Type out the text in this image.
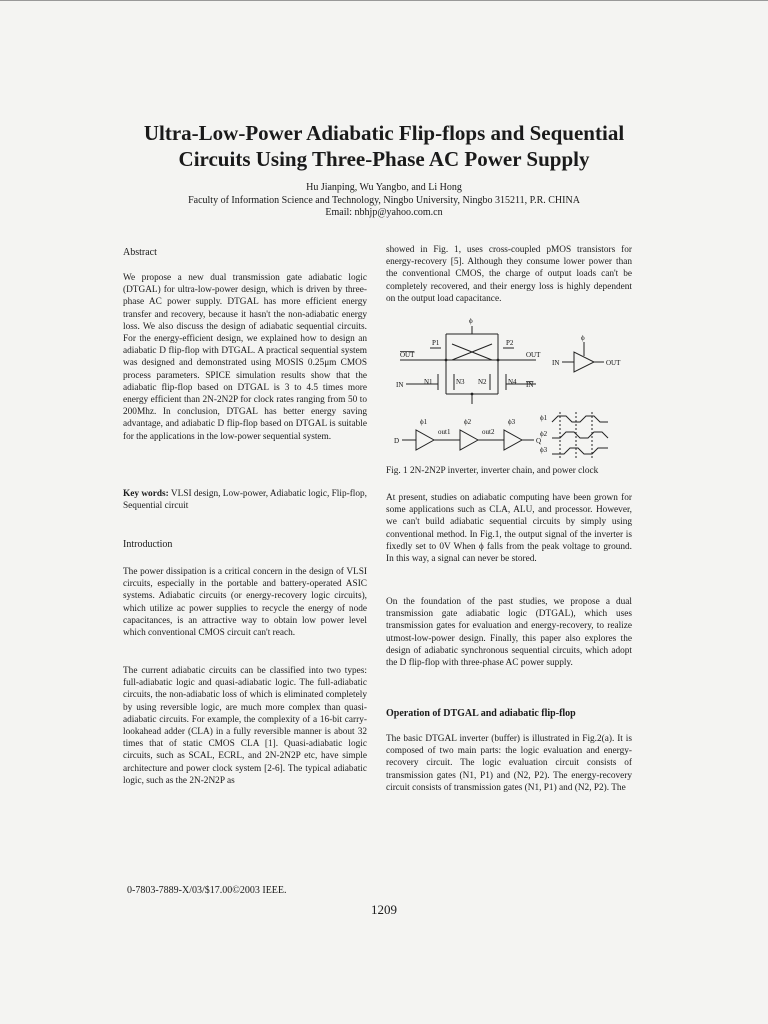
Ultra-Low-Power Adiabatic Flip-flops and Sequential
Circuits Using Three-Phase AC Power Supply
Hu Jianping, Wu Yangbo, and Li Hong
Faculty of Information Science and Technology, Ningbo University, Ningbo 315211, P.R. CHINA
Email: nbhjp@yahoo.com.cn
Abstract

We propose a new dual transmission gate adiabatic logic (DTGAL) for ultra-low-power design, which is driven by three-phase AC power supply. DTGAL has more efficient energy transfer and recovery, because it hasn't the non-adiabatic energy loss. We also discuss the design of adiabatic sequential circuits. For the energy-efficient design, we explained how to design an adiabatic D flip-flop with DTGAL. A practical sequential system was designed and demonstrated using MOSIS 0.25μm CMOS process parameters. SPICE simulation results show that the adiabatic flip-flop based on DTGAL is 3 to 4.5 times more energy efficient than 2N-2N2P for clock rates ranging from 50 to 200Mhz. In conclusion, DTGAL has better energy saving advantage, and adiabatic D flip-flop based on DTGAL is suitable for the applications in the low-power sequential system.

Key words: VLSI design, Low-power, Adiabatic logic, Flip-flop, Sequential circuit

Introduction

The power dissipation is a critical concern in the design of VLSI circuits, especially in the portable and battery-operated ASIC systems. Adiabatic circuits (or energy-recovery logic circuits), which utilize ac power supplies to recycle the energy of node capacitances, is an attractive way to obtain low power level which conventional CMOS circuit can't reach.

The current adiabatic circuits can be classified into two types: full-adiabatic logic and quasi-adiabatic logic. The full-adiabatic circuits, the non-adiabatic loss of which is eliminated completely by using reversible logic, are much more complex than quasi-adiabatic circuits. For example, the complexity of a 16-bit carry-lookahead adder (CLA) in a fully reversible manner is about 32 times that of static CMOS CLA [1]. Quasi-adiabatic logic circuits, such as SCAL, ECRL, and 2N-2N2P etc, have simple architecture and power clock system [2-6]. The typical adiabatic logic, such as the 2N-2N2P as

showed in Fig. 1, uses cross-coupled pMOS transistors for energy-recovery [5]. Although they consume lower power than the conventional CMOS, the charge of output loads can't be completely recovered, and their energy loss is highly dependent on the output load capacitance.

ϕ
P1	P2
OUT	OUT
IN	IN
N1	N3 N2	N4
ϕ
IN	OUT
D	Q
ϕ1	ϕ2	ϕ3
out1	out2
ϕ1
ϕ2
ϕ3
Fig. 1 2N-2N2P inverter, inverter chain, and power clock

At present, studies on adiabatic computing have been grown for some applications such as CLA, ALU, and processor. However, we can't build adiabatic sequential circuits by simply using conventional method. In Fig.1, the output signal of the inverter is fixedly set to 0V When ϕ falls from the peak voltage to ground. In this way, a signal can never be stored.

On the foundation of the past studies, we propose a dual transmission gate adiabatic logic (DTGAL), which uses transmission gates for evaluation and energy-recovery, to realize utmost-low-power design. Finally, this paper also explores the design of adiabatic synchronous sequential circuits, which adopt the D flip-flop with three-phase AC power supply.

Operation of DTGAL and adiabatic flip-flop

The basic DTGAL inverter (buffer) is illustrated in Fig.2(a). It is composed of two main parts: the logic evaluation and energy-recovery circuit. The logic evaluation circuit consists of transmission gates (N1, P1) and (N2, P2). The energy-recovery circuit consists of transmission gates (N1, P1) and (N2, P2). The

0-7803-7889-X/03/$17.00©2003 IEEE.
1209
